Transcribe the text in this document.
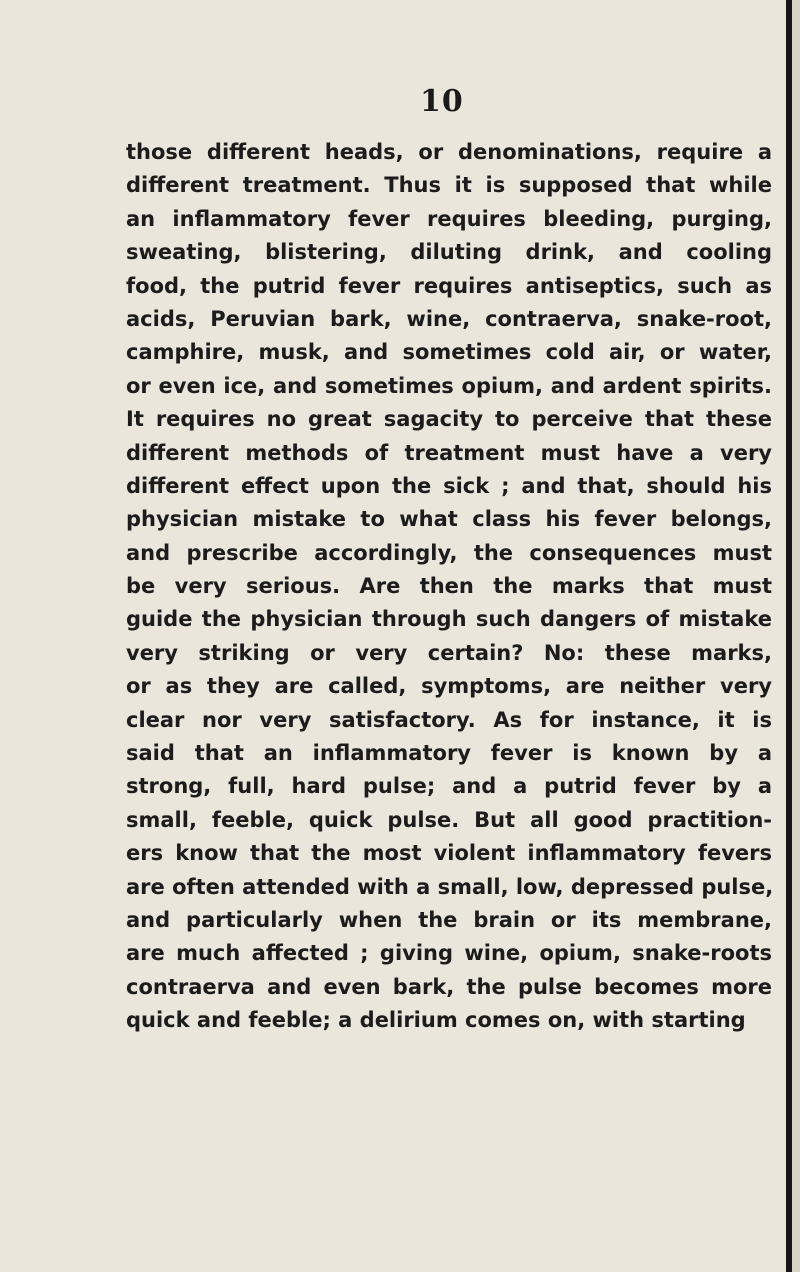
10
those different heads, or denominations, require a
different treatment. Thus it is supposed that while
an inflammatory fever requires bleeding, purging,
sweating, blistering, diluting drink, and cooling
food, the putrid fever requires antiseptics, such as
acids, Peruvian bark, wine, contraerva, snake-root,
camphire, musk, and sometimes cold air, or water,
or even ice, and sometimes opium, and ardent spirits.
It requires no great sagacity to perceive that these
different methods of treatment must have a very
different effect upon the sick ; and that, should his
physician mistake to what class his fever belongs,
and prescribe accordingly, the consequences must
be very serious. Are then the marks that must
guide the physician through such dangers of mistake
very striking or very certain? No: these marks,
or as they are called, symptoms, are neither very
clear nor very satisfactory. As for instance, it is
said that an inflammatory fever is known by a
strong, full, hard pulse; and a putrid fever by a
small, feeble, quick pulse. But all good practition-
ers know that the most violent inflammatory fevers
are often attended with a small, low, depressed pulse,
and particularly when the brain or its membrane,
are much affected ; giving wine, opium, snake-roots
contraerva and even bark, the pulse becomes more
quick and feeble; a delirium comes on, with starting
